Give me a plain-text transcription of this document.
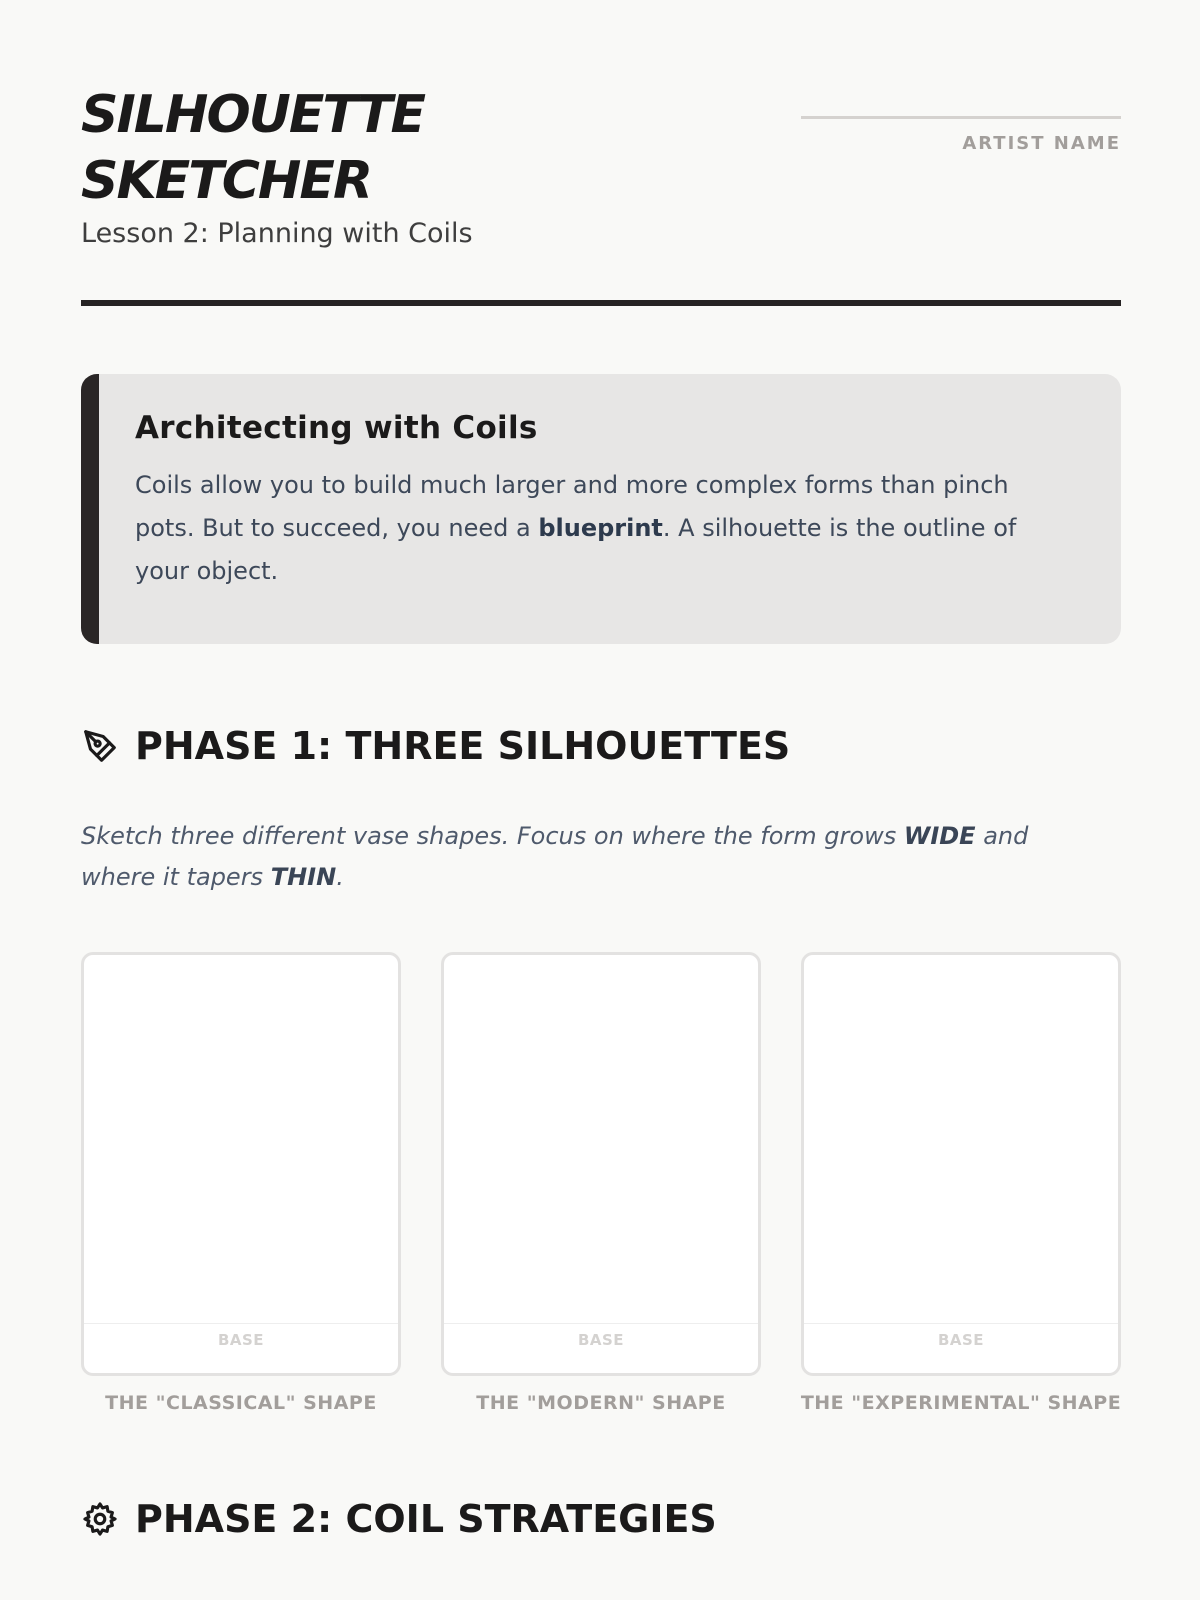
SILHOUETTE
SKETCHER
Lesson 2: Planning with Coils
ARTIST NAME
Architecting with Coils

Coils allow you to build much larger and more complex forms than pinch pots. But to succeed, you need a blueprint. A silhouette is the outline of your object.

PHASE 1: THREE SILHOUETTES

Sketch three different vase shapes. Focus on where the form grows WIDE and where it tapers THIN.

BASE
THE "CLASSICAL" SHAPE
BASE
THE "MODERN" SHAPE
BASE
THE "EXPERIMENTAL" SHAPE
PHASE 2: COIL STRATEGIES
